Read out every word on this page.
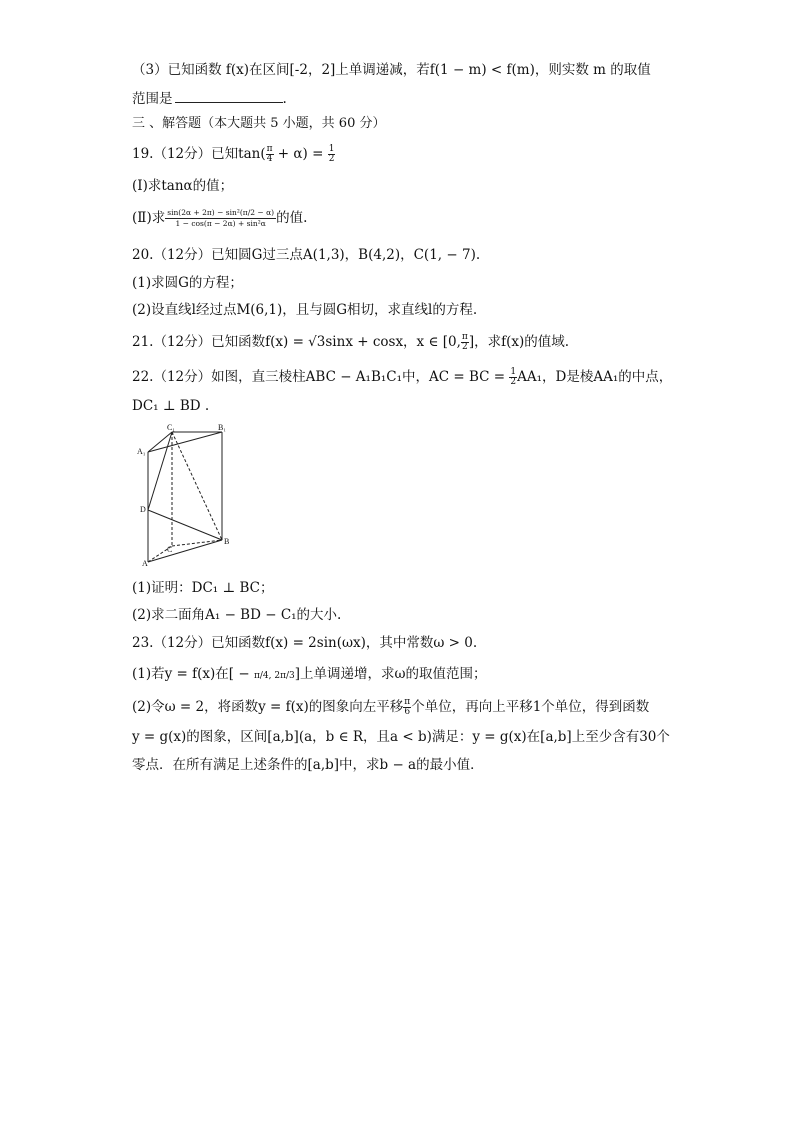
（3）已知函数 f(x)在区间[-2，2]上单调递减，若f(1 − m) < f(m)，则实数 m 的取值
范围是	.
三 、解答题（本大题共 5 小题，共 60 分）
19.（12分）已知$\tan( \frac{\pi}{4} + \alpha) = \frac{1}{2}$
(Ⅰ)求tanα的值；
(Ⅱ)求 $\frac{\text{sin(2α + 2π) − sin²(π/2 − α)}}{\text{1 − cos(π − 2α) + sin²α}}$ 的值.
20.（12分）已知圆G过三点A(1,3)，B(4,2)，C(1, − 7).
(1)求圆G的方程；
(2)设直线l经过点M(6,1)，且与圆G相切，求直线l的方程.
21.（12分）已知函数f(x) = √3sinx + cosx，x ∈ [0, $\frac{\pi}{2}$ ]，求f(x)的值域.
22.（12分）如图，直三棱柱ABC − A₁B₁C₁中，AC = BC = $\frac{1}{2} AA_1$，D是棱AA₁的中点，
DC₁ ⊥ BD .
C₁	B₁
A₁
D
C
B
A
(1)证明：DC₁ ⊥ BC；
(2)求二面角A₁ − BD − C₁的大小.
23.（12分）已知函数f(x) = 2sin(ωx)，其中常数ω > 0.
(1)若y = f(x)在[ − π/4, 2π/3]上单调递增，求ω的取值范围；
(2)令ω = 2，将函数y = f(x)的图象向左平移 $\frac{\pi}{6}$ 个单位，再向上平移1个单位，得到函数
y = g(x)的图象，区间[a,b](a，b ∈ R，且a < b)满足：y = g(x)在[a,b]上至少含有30个
零点．在所有满足上述条件的[a,b]中，求b − a的最小值．
